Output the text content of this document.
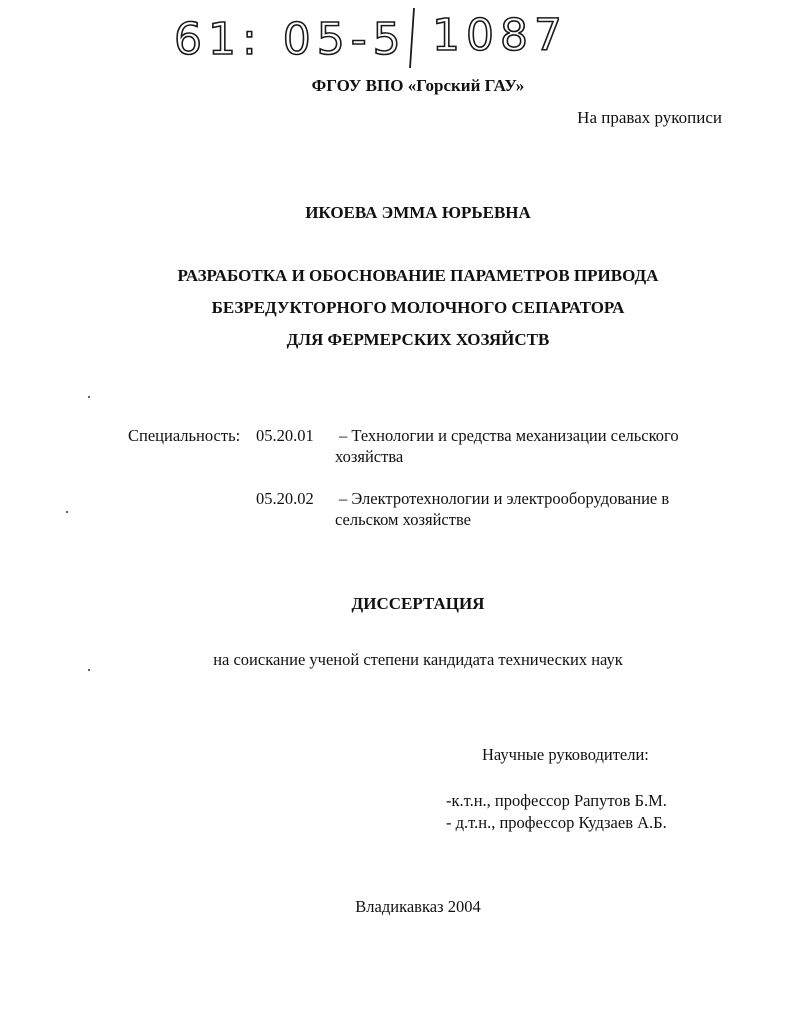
61: 05-5 1087
ФГОУ ВПО «Горский ГАУ»
На правах рукописи
ИКОЕВА ЭММА ЮРЬЕВНА
РАЗРАБОТКА И ОБОСНОВАНИЕ ПАРАМЕТРОВ ПРИВОДА
БЕЗРЕДУКТОРНОГО МОЛОЧНОГО СЕПАРАТОРА
ДЛЯ ФЕРМЕРСКИХ ХОЗЯЙСТВ
Специальность: 05.20.01 – Технологии и средства механизации сельского
хозяйства
05.20.02 – Электротехнологии и электрооборудование в
сельском хозяйстве
ДИССЕРТАЦИЯ
на соискание ученой степени кандидата технических наук
Научные руководители:
-к.т.н., профессор Рапутов Б.М.
- д.т.н., профессор Кудзаев А.Б.
Владикавказ 2004
